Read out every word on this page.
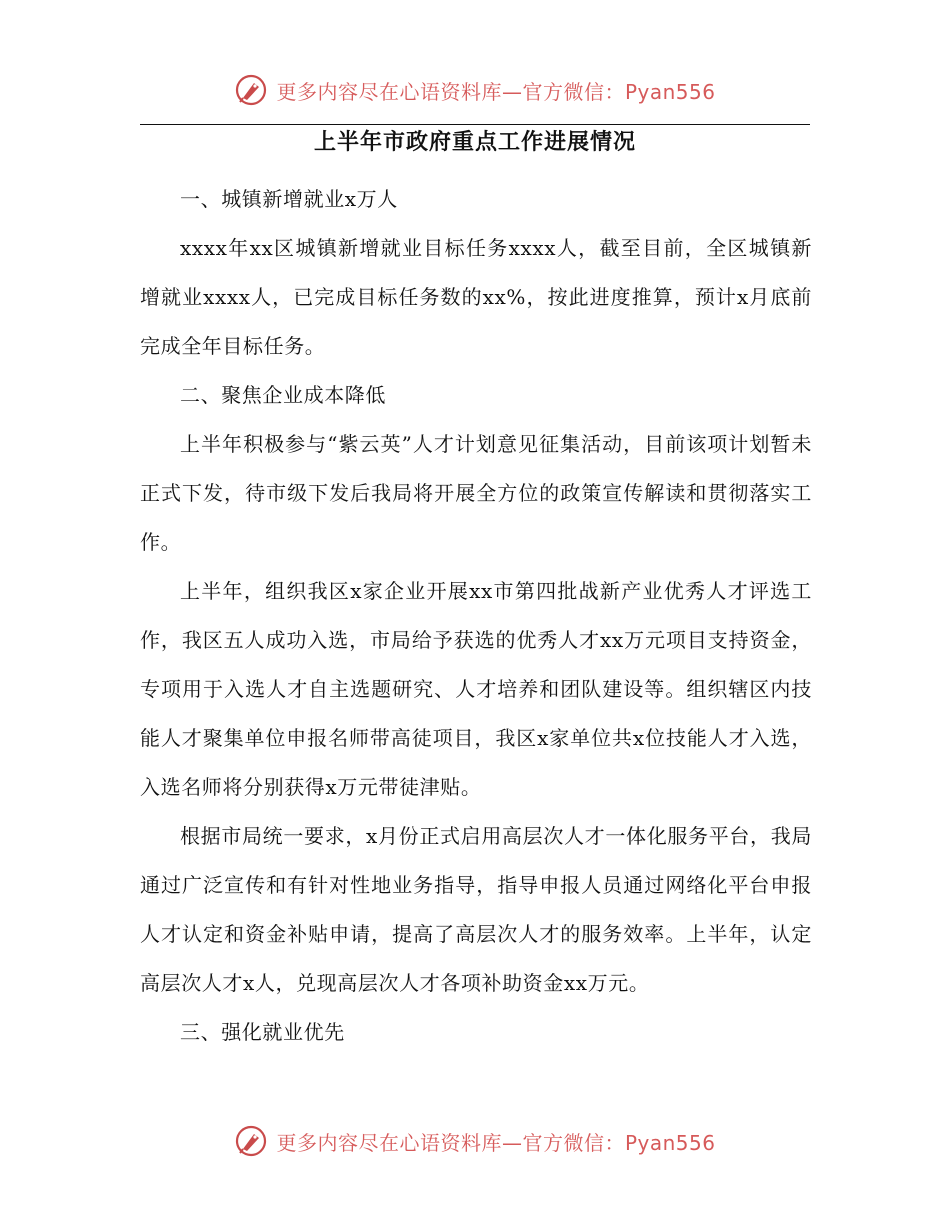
更多内容尽在心语资料库—官方微信：Pyan556
上半年市政府重点工作进展情况

一、城镇新增就业x万人

xxxx年xx区城镇新增就业目标任务xxxx人，截至目前，全区城镇新增就业xxxx人，已完成目标任务数的xx%，按此进度推算，预计x月底前完成全年目标任务。

二、聚焦企业成本降低

上半年积极参与“紫云英”人才计划意见征集活动，目前该项计划暂未正式下发，待市级下发后我局将开展全方位的政策宣传解读和贯彻落实工作。

上半年，组织我区x家企业开展xx市第四批战新产业优秀人才评选工作，我区五人成功入选，市局给予获选的优秀人才xx万元项目支持资金，专项用于入选人才自主选题研究、人才培养和团队建设等。组织辖区内技能人才聚集单位申报名师带高徒项目，我区x家单位共x位技能人才入选，入选名师将分别获得x万元带徒津贴。

根据市局统一要求，x月份正式启用高层次人才一体化服务平台，我局通过广泛宣传和有针对性地业务指导，指导申报人员通过网络化平台申报人才认定和资金补贴申请，提高了高层次人才的服务效率。上半年，认定高层次人才x人，兑现高层次人才各项补助资金xx万元。

三、强化就业优先

更多内容尽在心语资料库—官方微信：Pyan556
